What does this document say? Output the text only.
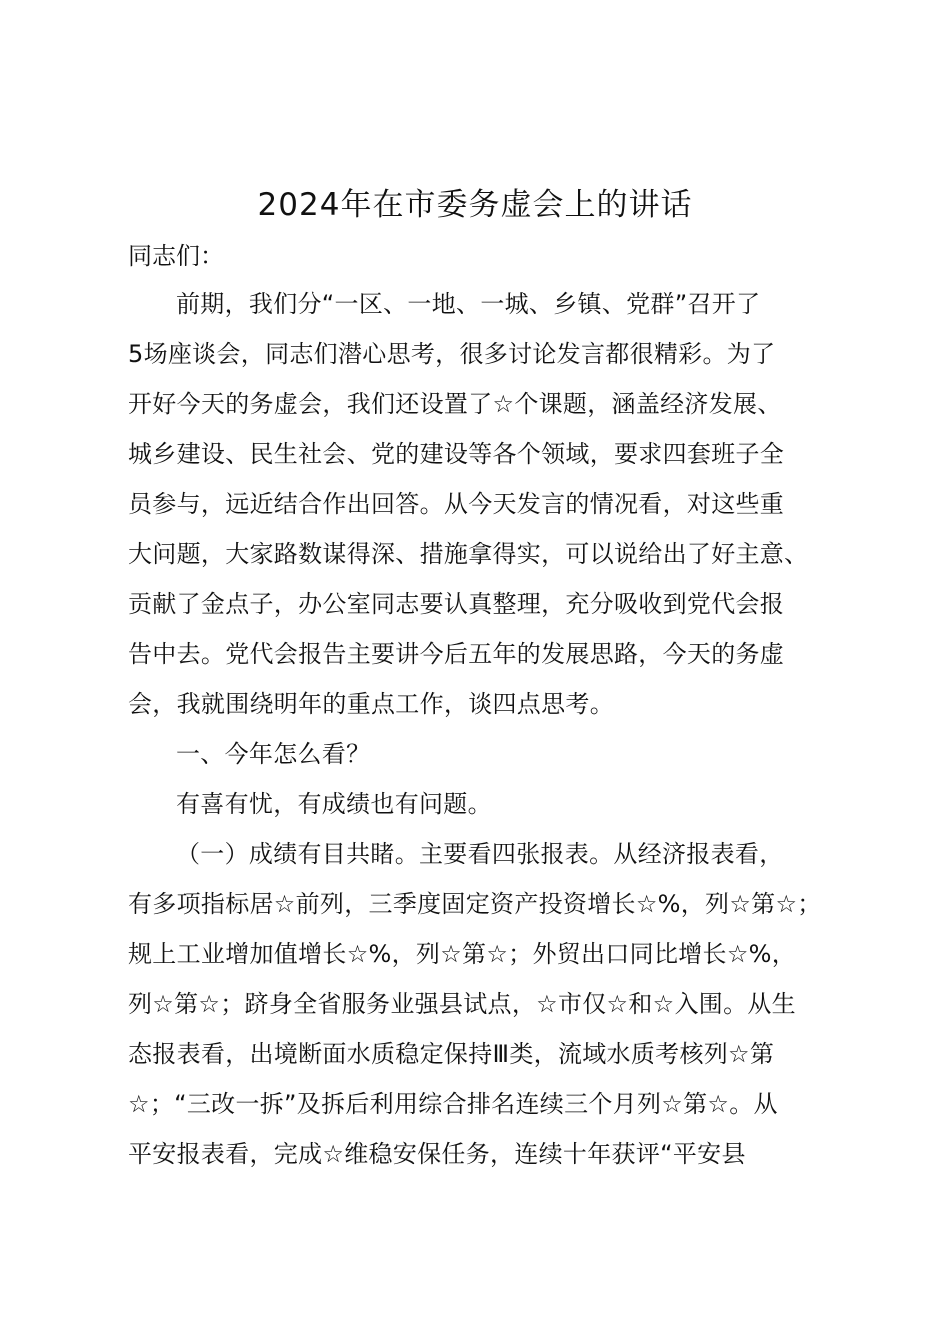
2024年在市委务虚会上的讲话

同志们：

前期，我们分“一区、一地、一城、乡镇、党群”召开了
5场座谈会，同志们潜心思考，很多讨论发言都很精彩。为了
开好今天的务虚会，我们还设置了☆个课题，涵盖经济发展、
城乡建设、民生社会、党的建设等各个领域，要求四套班子全
员参与，远近结合作出回答。从今天发言的情况看，对这些重
大问题，大家路数谋得深、措施拿得实，可以说给出了好主意、
贡献了金点子，办公室同志要认真整理，充分吸收到党代会报
告中去。党代会报告主要讲今后五年的发展思路，今天的务虚
会，我就围绕明年的重点工作，谈四点思考。
一、今年怎么看？
有喜有忧，有成绩也有问题。
（一）成绩有目共睹。主要看四张报表。从经济报表看，
有多项指标居☆前列，三季度固定资产投资增长☆%，列☆第☆；
规上工业增加值增长☆%，列☆第☆；外贸出口同比增长☆%，
列☆第☆；跻身全省服务业强县试点，☆市仅☆和☆入围。从生
态报表看，出境断面水质稳定保持Ⅲ类，流域水质考核列☆第
☆；“三改一拆”及拆后利用综合排名连续三个月列☆第☆。从
平安报表看，完成☆维稳安保任务，连续十年获评“平安县
